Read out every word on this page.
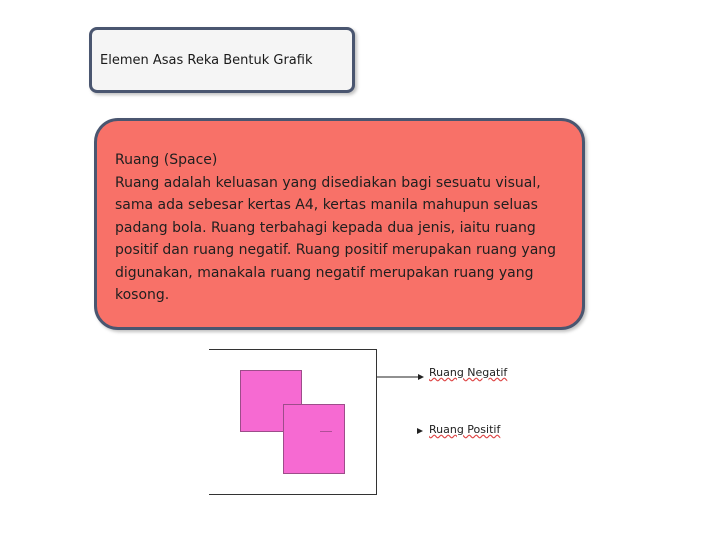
Elemen Asas Reka Bentuk Grafik

Ruang (Space)

Ruang adalah keluasan yang disediakan bagi sesuatu visual, sama ada sebesar kertas A4, kertas manila mahupun seluas padang bola. Ruang terbahagi kepada dua jenis, iaitu ruang positif dan ruang negatif. Ruang positif merupakan ruang yang digunakan, manakala ruang negatif merupakan ruang yang kosong.

Ruang Negatif
Ruang Positif
